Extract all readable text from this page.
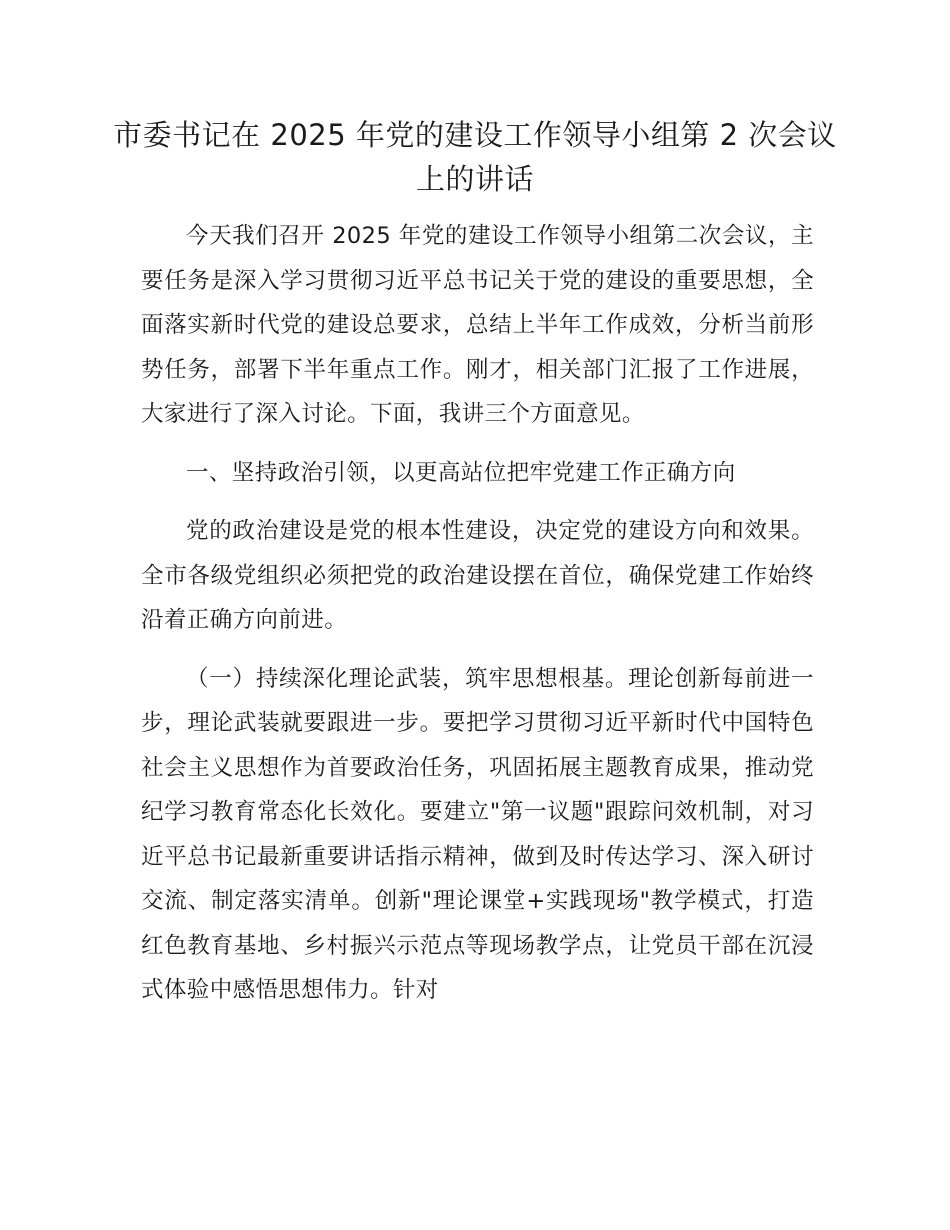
市委书记在 2025 年党的建设工作领导小组第 2 次会议上的讲话

今天我们召开 2025 年党的建设工作领导小组第二次会议，主要任务是深入学习贯彻习近平总书记关于党的建设的重要思想，全面落实新时代党的建设总要求，总结上半年工作成效，分析当前形势任务，部署下半年重点工作。刚才，相关部门汇报了工作进展，大家进行了深入讨论。下面，我讲三个方面意见。

一、坚持政治引领，以更高站位把牢党建工作正确方向

党的政治建设是党的根本性建设，决定党的建设方向和效果。全市各级党组织必须把党的政治建设摆在首位，确保党建工作始终沿着正确方向前进。

（一）持续深化理论武装，筑牢思想根基。理论创新每前进一步，理论武装就要跟进一步。要把学习贯彻习近平新时代中国特色社会主义思想作为首要政治任务，巩固拓展主题教育成果，推动党纪学习教育常态化长效化。要建立"第一议题"跟踪问效机制，对习近平总书记最新重要讲话指示精神，做到及时传达学习、深入研讨交流、制定落实清单。创新"理论课堂+实践现场"教学模式，打造红色教育基地、乡村振兴示范点等现场教学点，让党员干部在沉浸式体验中感悟思想伟力。针对
